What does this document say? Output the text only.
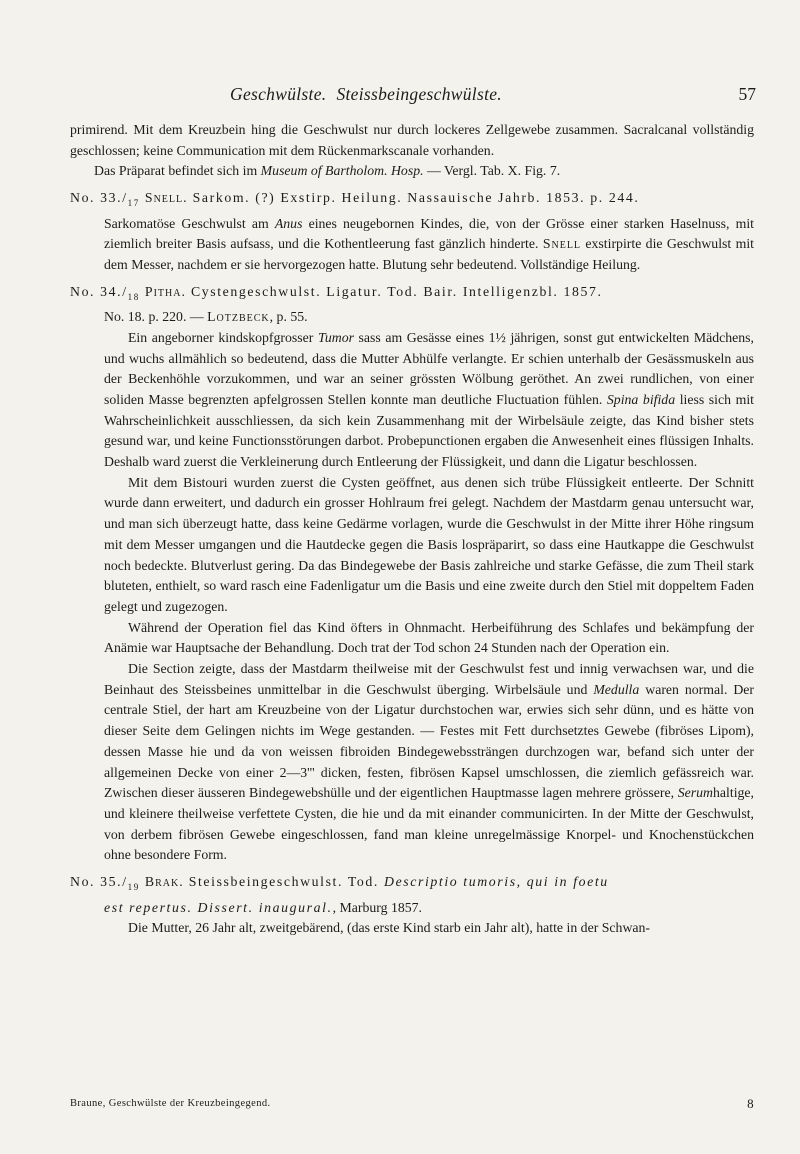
Geschwülste. Steissbeingeschwülste.	57

primirend. Mit dem Kreuzbein hing die Geschwulst nur durch lockeres Zellgewebe zusammen. Sacralcanal vollständig geschlossen; keine Communication mit dem Rückenmarkscanale vorhanden.

Das Präparat befindet sich im Museum of Bartholom. Hosp. — Vergl. Tab. X. Fig. 7.

No. $33./_{17}$ Snell. Sarkom. (?) Exstirp. Heilung. Nassauische Jahrb. 1853. p. 244.

Sarkomatöse Geschwulst am Anus eines neugebornen Kindes, die, von der Grösse einer starken Haselnuss, mit ziemlich breiter Basis aufsass, und die Kothentleerung fast gänzlich hinderte. Snell exstirpirte die Geschwulst mit dem Messer, nachdem er sie hervorgezogen hatte. Blutung sehr bedeutend. Vollständige Heilung.

No. $34./_{18}$ Pitha. Cystengeschwulst. Ligatur. Tod. Bair. Intelligenzbl. 1857.

No. 18. p. 220. — Lotzbeck, p. 55.

Ein angeborner kindskopfgrosser Tumor sass am Gesässe eines 1½ jährigen, sonst gut entwickelten Mädchens, und wuchs allmählich so bedeutend, dass die Mutter Abhülfe verlangte. Er schien unterhalb der Gesässmuskeln aus der Beckenhöhle vorzukommen, und war an seiner grössten Wölbung geröthet. An zwei rundlichen, von einer soliden Masse begrenzten apfelgrossen Stellen konnte man deutliche Fluctuation fühlen. Spina bifida liess sich mit Wahrscheinlichkeit ausschliessen, da sich kein Zusammenhang mit der Wirbelsäule zeigte, das Kind bisher stets gesund war, und keine Functionsstörungen darbot. Probepunctionen ergaben die Anwesenheit eines flüssigen Inhalts. Deshalb ward zuerst die Verkleinerung durch Entleerung der Flüssigkeit, und dann die Ligatur beschlossen.

Mit dem Bistouri wurden zuerst die Cysten geöffnet, aus denen sich trübe Flüssigkeit entleerte. Der Schnitt wurde dann erweitert, und dadurch ein grosser Hohlraum frei gelegt. Nachdem der Mastdarm genau untersucht war, und man sich überzeugt hatte, dass keine Gedärme vorlagen, wurde die Geschwulst in der Mitte ihrer Höhe ringsum mit dem Messer umgangen und die Hautdecke gegen die Basis lospräparirt, so dass eine Hautkappe die Geschwulst noch bedeckte. Blutverlust gering. Da das Bindegewebe der Basis zahlreiche und starke Gefässe, die zum Theil stark bluteten, enthielt, so ward rasch eine Fadenligatur um die Basis und eine zweite durch den Stiel mit doppeltem Faden gelegt und zugezogen.

Während der Operation fiel das Kind öfters in Ohnmacht. Herbeiführung des Schlafes und bekämpfung der Anämie war Hauptsache der Behandlung. Doch trat der Tod schon 24 Stunden nach der Operation ein.

Die Section zeigte, dass der Mastdarm theilweise mit der Geschwulst fest und innig verwachsen war, und die Beinhaut des Steissbeines unmittelbar in die Geschwulst überging. Wirbelsäule und Medulla waren normal. Der centrale Stiel, der hart am Kreuzbeine von der Ligatur durchstochen war, erwies sich sehr dünn, und es hätte von dieser Seite dem Gelingen nichts im Wege gestanden. — Festes mit Fett durchsetztes Gewebe (fibröses Lipom), dessen Masse hie und da von weissen fibroiden Bindegewebssträngen durchzogen war, befand sich unter der allgemeinen Decke von einer 2—3''' dicken, festen, fibrösen Kapsel umschlossen, die ziemlich gefässreich war. Zwischen dieser äusseren Bindegewebshülle und der eigentlichen Hauptmasse lagen mehrere grössere, Serumhaltige, und kleinere theilweise verfettete Cysten, die hie und da mit einander communicirten. In der Mitte der Geschwulst, von derbem fibrösen Gewebe eingeschlossen, fand man kleine unregelmässige Knorpel- und Knochenstückchen ohne besondere Form.

No. $35./_{19}$ Brak. Steissbeingeschwulst. Tod. Descriptio tumoris, qui in foetu

est repertus. Dissert. inaugural., Marburg 1857.

Die Mutter, 26 Jahr alt, zweitgebärend, (das erste Kind starb ein Jahr alt), hatte in der Schwan-

Braune, Geschwülste der Kreuzbeingegend.	8
